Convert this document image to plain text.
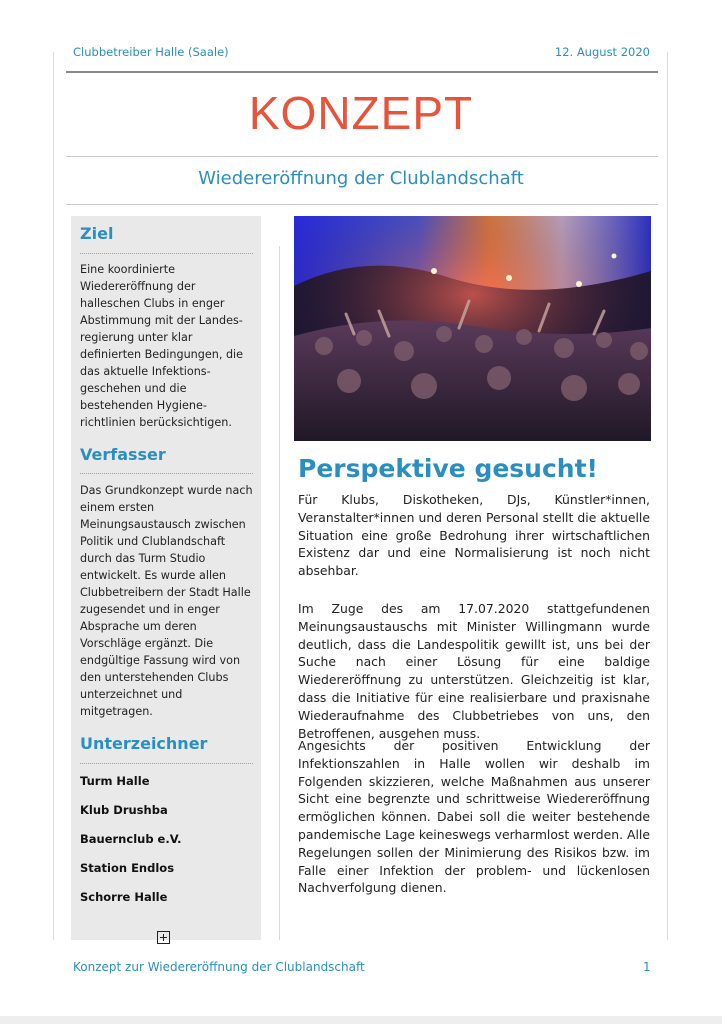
Clubbetreiber Halle (Saale)	12. August 2020
KONZEPT
Wiedereröffnung der Clublandschaft
Ziel
Eine koordinierte
Wiedereröffnung der
halleschen Clubs in enger
Abstimmung mit der Landes-
regierung unter klar
definierten Bedingungen, die
das aktuelle Infektions-
geschehen und die
bestehenden Hygiene-
richtlinien berücksichtigen.
Verfasser
Das Grundkonzept wurde nach
einem ersten
Meinungsaustausch zwischen
Politik und Clublandschaft
durch das Turm Studio
entwickelt. Es wurde allen
Clubbetreibern der Stadt Halle
zugesendet und in enger
Absprache um deren
Vorschläge ergänzt. Die
endgültige Fassung wird von
den unterstehenden Clubs
unterzeichnet und
mitgetragen.
Unterzeichner
Turm Halle
Klub Drushba
Bauernclub e.V.
Station Endlos
Schorre Halle
Perspektive gesucht!
Für Klubs, Diskotheken, DJs, Künstler*innen, Veranstalter*innen und deren Personal stellt die aktuelle Situation eine große Bedrohung ihrer wirtschaftlichen Existenz dar und eine Normalisierung ist noch nicht absehbar.
Im Zuge des am 17.07.2020 stattgefundenen Meinungsaustauschs mit Minister Willingmann wurde deutlich, dass die Landespolitik gewillt ist, uns bei der Suche nach einer Lösung für eine baldige Wiedereröffnung zu unterstützen. Gleichzeitig ist klar, dass die Initiative für eine realisierbare und praxisnahe Wiederaufnahme des Clubbetriebes von uns, den Betroffenen, ausgehen muss.
Angesichts der positiven Entwicklung der Infektionszahlen in Halle wollen wir deshalb im Folgenden skizzieren, welche Maßnahmen aus unserer Sicht eine begrenzte und schrittweise Wiedereröffnung ermöglichen können. Dabei soll die weiter bestehende pandemische Lage keineswegs verharmlost werden. Alle Regelungen sollen der Minimierung des Risikos bzw. im Falle einer Infektion der problem- und lückenlosen Nachverfolgung dienen.
Konzept zur Wiedereröffnung der Clublandschaft	1
